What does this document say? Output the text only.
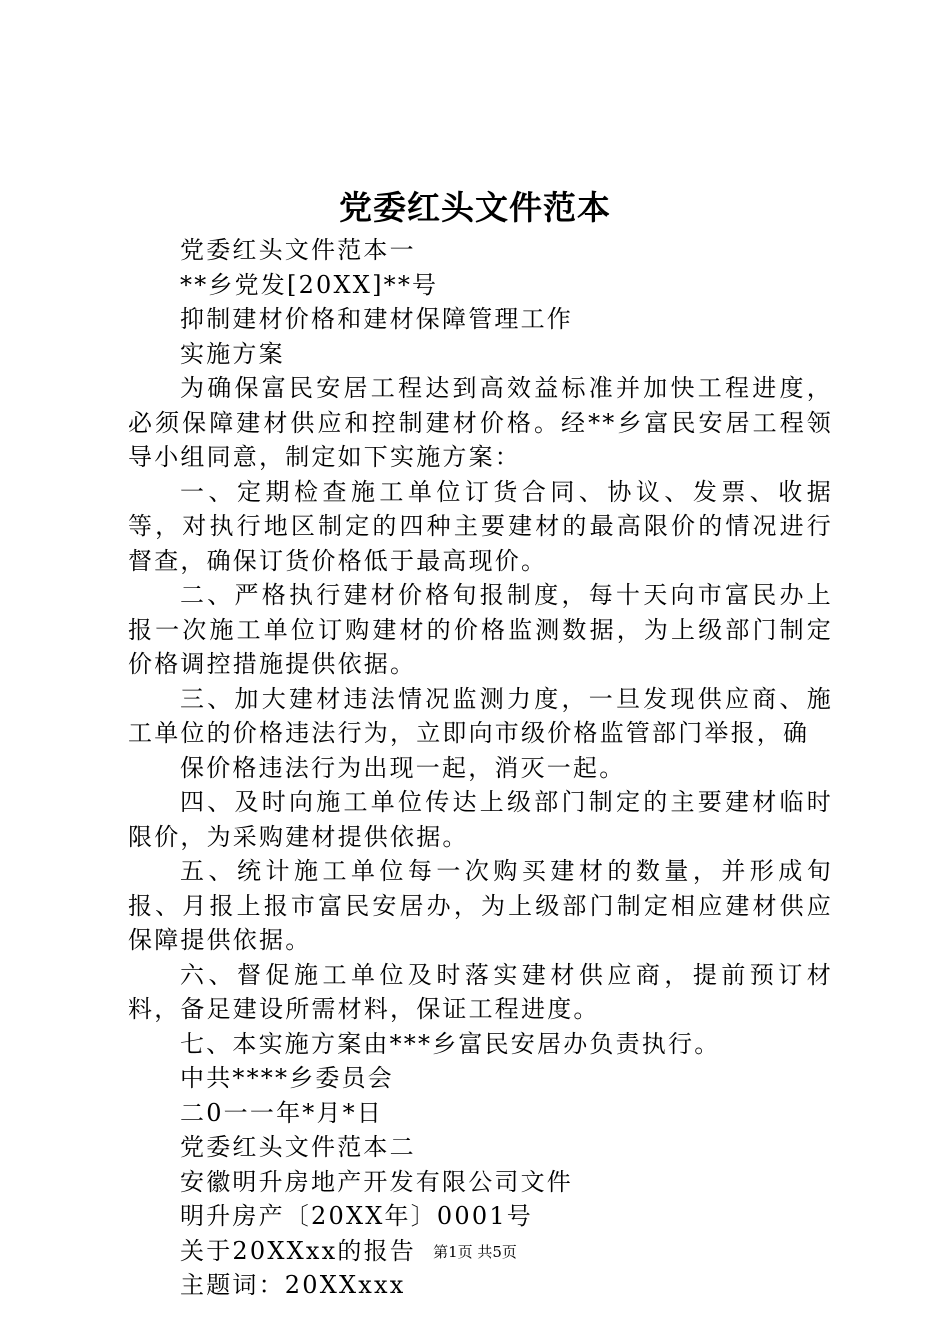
党委红头文件范本

党委红头文件范本一

**乡党发[20XX]**号

抑制建材价格和建材保障管理工作

实施方案

为确保富民安居工程达到高效益标准并加快工程进度，必须保障建材供应和控制建材价格。经**乡富民安居工程领导小组同意，制定如下实施方案：

一、定期检查施工单位订货合同、协议、发票、收据等，对执行地区制定的四种主要建材的最高限价的情况进行督查，确保订货价格低于最高现价。

二、严格执行建材价格旬报制度，每十天向市富民办上报一次施工单位订购建材的价格监测数据，为上级部门制定价格调控措施提供依据。

三、加大建材违法情况监测力度，一旦发现供应商、施工单位的价格违法行为，立即向市级价格监管部门举报，确

保价格违法行为出现一起，消灭一起。

四、及时向施工单位传达上级部门制定的主要建材临时限价，为采购建材提供依据。

五、统计施工单位每一次购买建材的数量，并形成旬报、月报上报市富民安居办，为上级部门制定相应建材供应保障提供依据。

六、督促施工单位及时落实建材供应商，提前预订材料，备足建设所需材料，保证工程进度。

七、本实施方案由***乡富民安居办负责执行。

中共****乡委员会

二0一一年*月*日

党委红头文件范本二

安徽明升房地产开发有限公司文件

明升房产〔20XX年〕0001号

关于20XXxx的报告

主题词：20XXxxx

第1页 共5页
